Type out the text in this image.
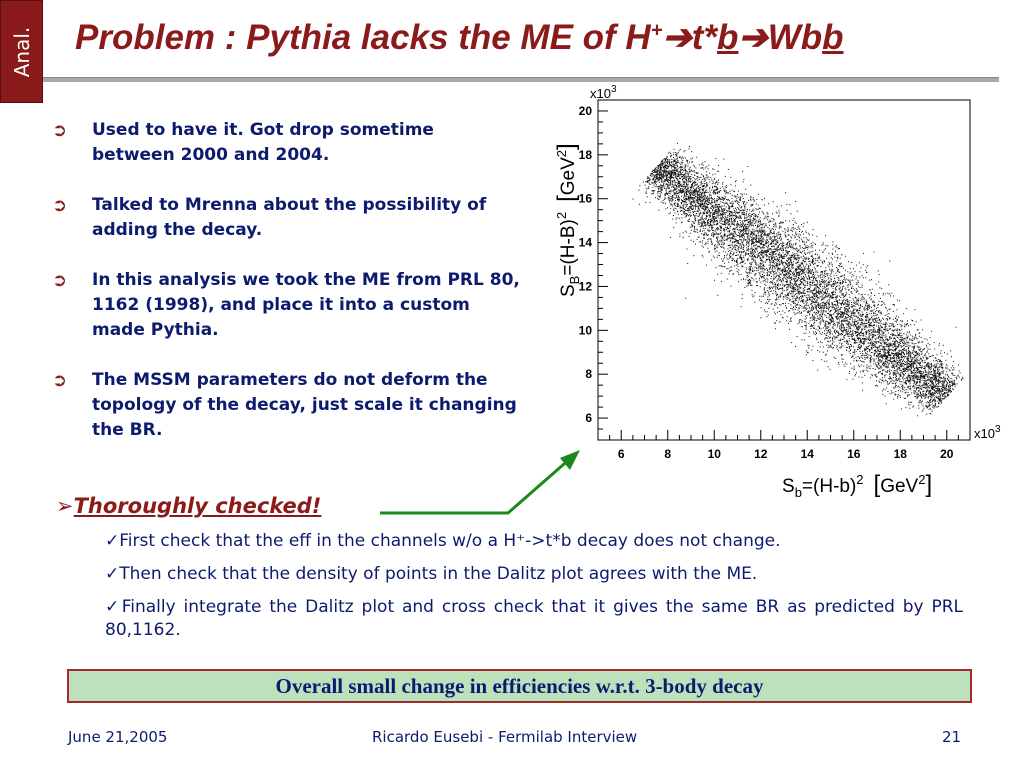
Anal. Problem : Pythia lacks the ME of H+➔t*b➔Wbb
➲ Used to have it. Got drop sometime between 2000 and 2004.
➲ Talked to Mrenna about the possibility of adding the decay.
➲ In this analysis we took the ME from PRL 80, 1162 (1998), and place it into a custom made Pythia.
➲ The MSSM parameters do not deform the topology of the decay, just scale it changing the BR.
6	8	10	12	14	16	18	20
6
8
10
12
14
16
18
20
$x10^3$
$x10^3$
$S_b=(H-b)^2$ [GeV$^2$]
$S_B=(H-B)^2[GeV^2]$
➢Thoroughly checked!
✓First check that the eff in the channels w/o a H⁺->t*b decay does not change.
✓Then check that the density of points in the Dalitz plot agrees with the ME.
✓Finally integrate the Dalitz plot and cross check that it gives the same BR as predicted by PRL 80,1162.
Overall small change in efficiencies w.r.t. 3-body decay
June 21,2005	Ricardo Eusebi - Fermilab Interview	21
